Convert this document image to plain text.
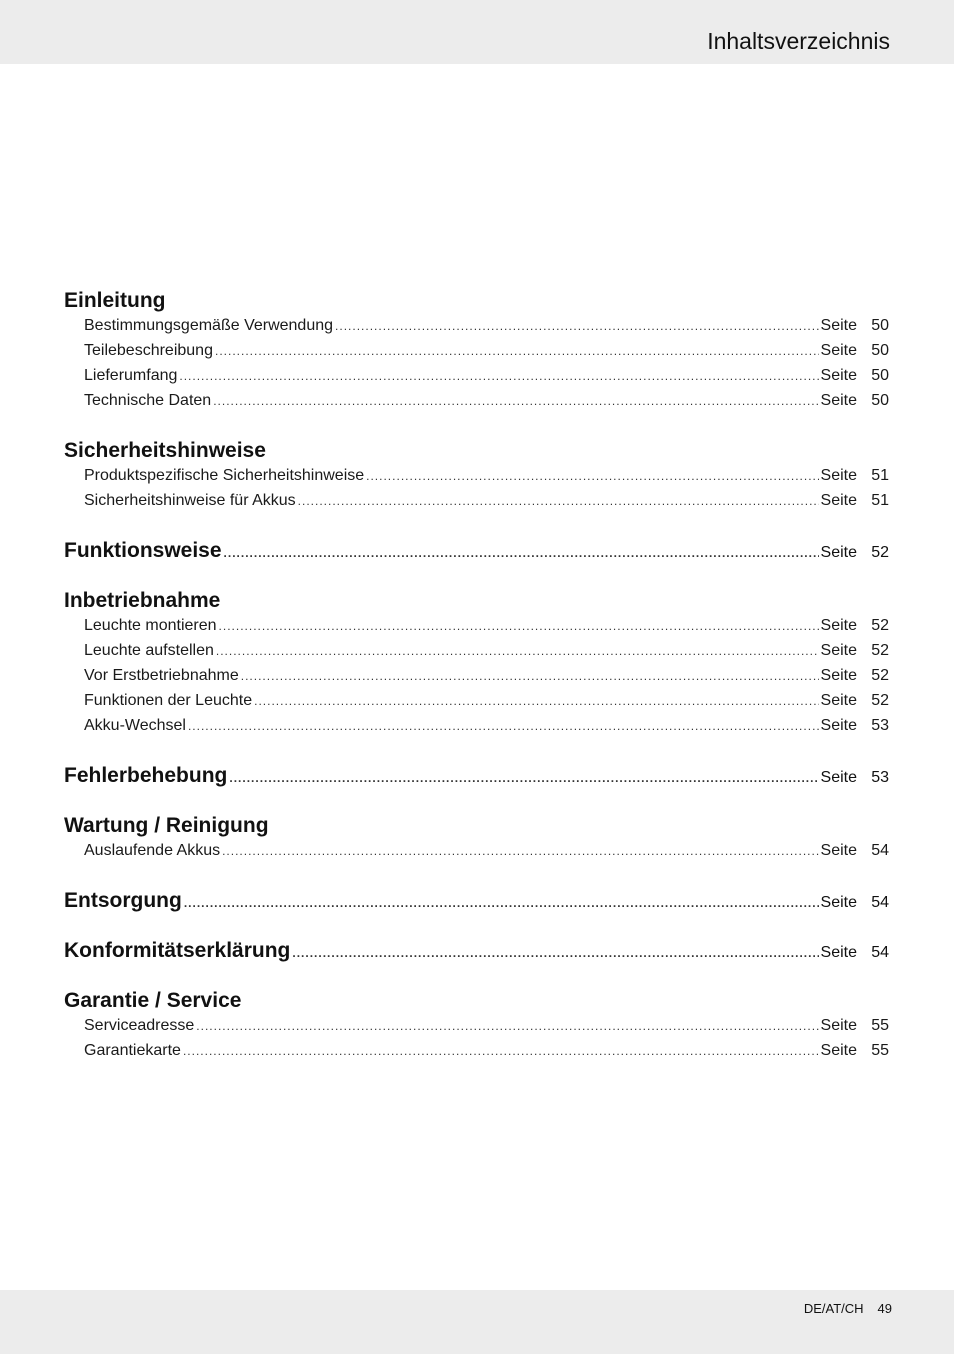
Inhaltsverzeichnis
Einleitung
Bestimmungsgemäße Verwendung .....	Seite 50
Teilebeschreibung .....	Seite 50
Lieferumfang .....	Seite 50
Technische Daten .....	Seite 50
Sicherheitshinweise
Produktspezifische Sicherheitshinweise .....	Seite 51
Sicherheitshinweise für Akkus .....	Seite 51
Funktionsweise .....	Seite 52
Inbetriebnahme
Leuchte montieren .....	Seite 52
Leuchte aufstellen .....	Seite 52
Vor Erstbetriebnahme .....	Seite 52
Funktionen der Leuchte .....	Seite 52
Akku-Wechsel .....	Seite 53
Fehlerbehebung .....	Seite 53
Wartung / Reinigung
Auslaufende Akkus .....	Seite 54
Entsorgung .....	Seite 54
Konformitätserklärung .....	Seite 54
Garantie / Service
Serviceadresse .....	Seite 55
Garantiekarte .....	Seite 55
DE/AT/CH 49
